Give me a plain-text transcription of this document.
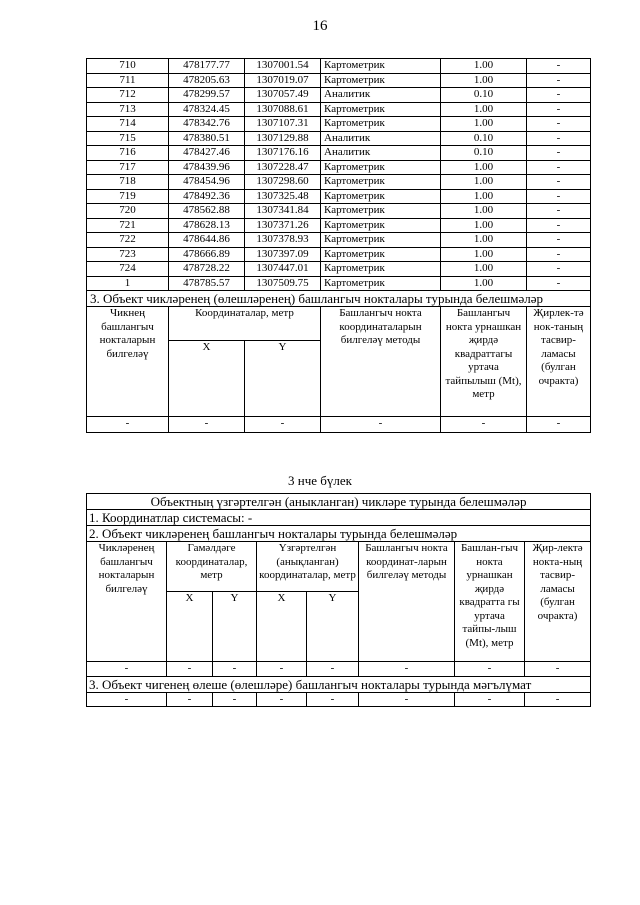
16
710	478177.77	1307001.54	Картометрик	1.00	-
711	478205.63	1307019.07	Картометрик	1.00	-
712	478299.57	1307057.49	Аналитик	0.10	-
713	478324.45	1307088.61	Картометрик	1.00	-
714	478342.76	1307107.31	Картометрик	1.00	-
715	478380.51	1307129.88	Аналитик	0.10	-
716	478427.46	1307176.16	Аналитик	0.10	-
717	478439.96	1307228.47	Картометрик	1.00	-
718	478454.96	1307298.60	Картометрик	1.00	-
719	478492.36	1307325.48	Картометрик	1.00	-
720	478562.88	1307341.84	Картометрик	1.00	-
721	478628.13	1307371.26	Картометрик	1.00	-
722	478644.86	1307378.93	Картометрик	1.00	-
723	478666.89	1307397.09	Картометрик	1.00	-
724	478728.22	1307447.01	Картометрик	1.00	-
1	478785.57	1307509.75	Картометрик	1.00	-
3. Объект чикләренең (өлешләренең) башлангыч нокталары турында белешмәләр					
Чикнең башлангыч нокталарын билгеләү	Координаталар, метр		Башлангыч нокта координаталарын билгеләү методы	Башлангыч нокта урнашкан җирдә квадраттагы уртача тайпылыш (Mt), метр	Җирлек-тә нок-таның тасвир-ламасы (булган очракта)
	X	Y			
-	-	-	-	-	-
3 нче бүлек
Объектның үзгәртелгән (аныкланган) чикләре турында белешмәләр							
1. Координатлар системасы: -							
2. Объект чикләренең башлангыч нокталары турында белешмәләр							
Чикләренең башлангыч нокталарын билгеләү	Гамәлдәге координаталар, метр		Үзгәртелгән (анықланган) координаталар, метр		Башлангыч нокта координат-ларын билгеләү методы	Башлан-гыч нокта урнашкан җирдә квадратта гы уртача тайпы-лыш (Mt), метр	Җир-лектә нокта-ның тасвир-ламасы (булган очракта)
	X	Y	X	Y			
-	-	-	-	-	-	-	-
3. Объект чигенең өлеше (өлешләре) башлангыч нокталары турында мәгълүмат							
-	-	-	-	-	-	-	-
